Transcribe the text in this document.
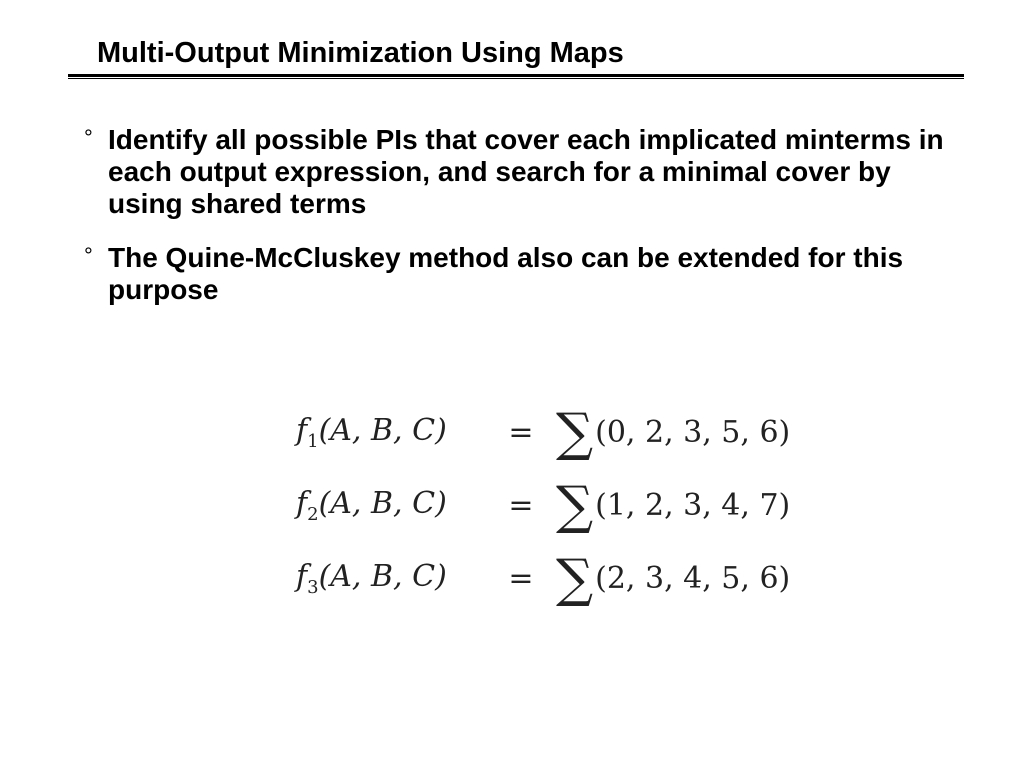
Multi-Output Minimization Using Maps
° Identify all possible PIs that cover each implicated minterms in each output expression, and search for a minimal cover by using shared terms
° The Quine-McCluskey method also can be extended for this purpose
$f_1(A$, B, C)	= ∑ (0, 2, 3, 5, 6)
$f_2(A$, B, C)	= ∑ (1, 2, 3, 4, 7)
$f_3(A$, B, C)	= ∑ (2, 3, 4, 5, 6)
